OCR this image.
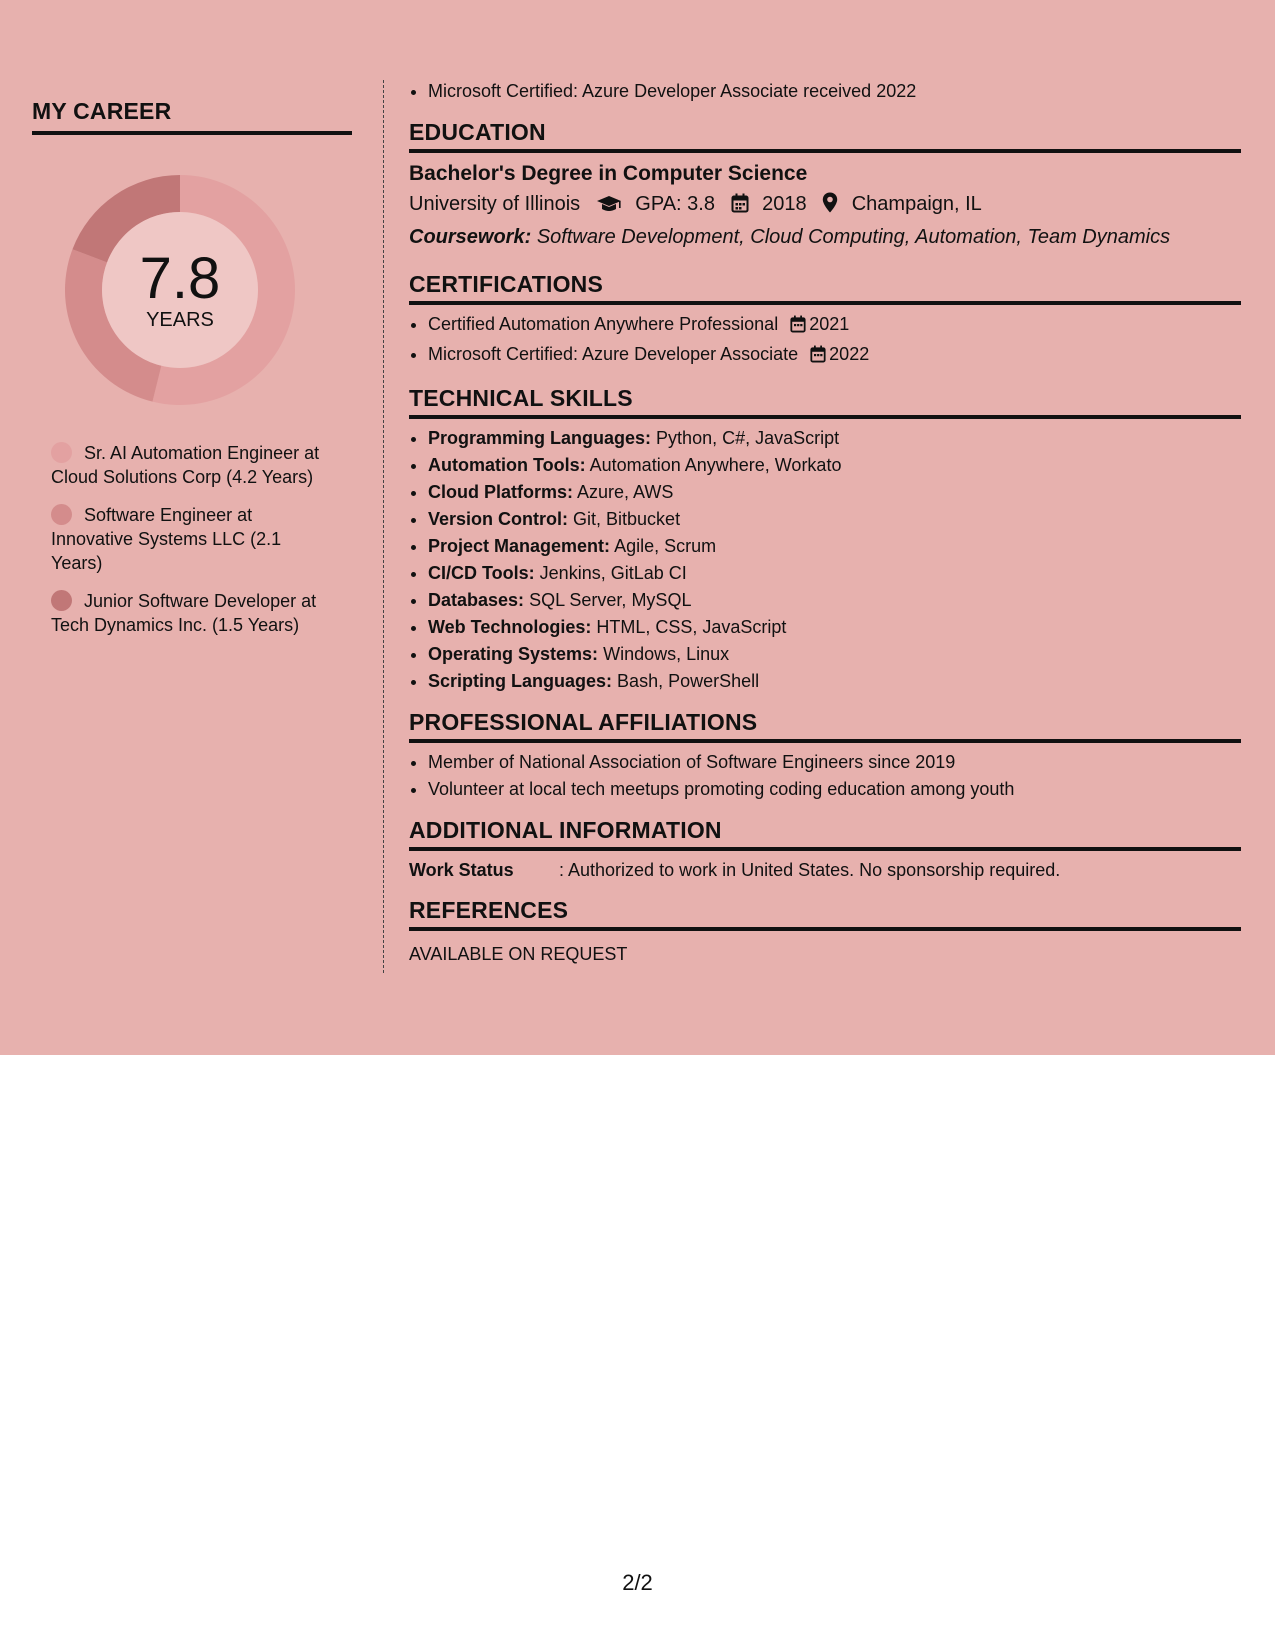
MY CAREER
7.8
YEARS
Sr. AI Automation Engineer at Cloud Solutions Corp (4.2 Years)
Software Engineer at Innovative Systems LLC (2.1 Years)
Junior Software Developer at Tech Dynamics Inc. (1.5 Years)
• Microsoft Certified: Azure Developer Associate received 2022
EDUCATION
Bachelor's Degree in Computer Science
University of Illinois	GPA: 3.8 2018 Champaign, IL
Coursework: Software Development, Cloud Computing, Automation, Team Dynamics
CERTIFICATIONS
• Certified Automation Anywhere Professional 2021
• Microsoft Certified: Azure Developer Associate 2022
TECHNICAL SKILLS
• Programming Languages: Python, C#, JavaScript
• Automation Tools: Automation Anywhere, Workato
• Cloud Platforms: Azure, AWS
• Version Control: Git, Bitbucket
• Project Management: Agile, Scrum
• CI/CD Tools: Jenkins, GitLab CI
• Databases: SQL Server, MySQL
• Web Technologies: HTML, CSS, JavaScript
• Operating Systems: Windows, Linux
• Scripting Languages: Bash, PowerShell
PROFESSIONAL AFFILIATIONS
• Member of National Association of Software Engineers since 2019
• Volunteer at local tech meetups promoting coding education among youth
ADDITIONAL INFORMATION
Work Status	: Authorized to work in United States. No sponsorship required.
REFERENCES
AVAILABLE ON REQUEST
2/2
